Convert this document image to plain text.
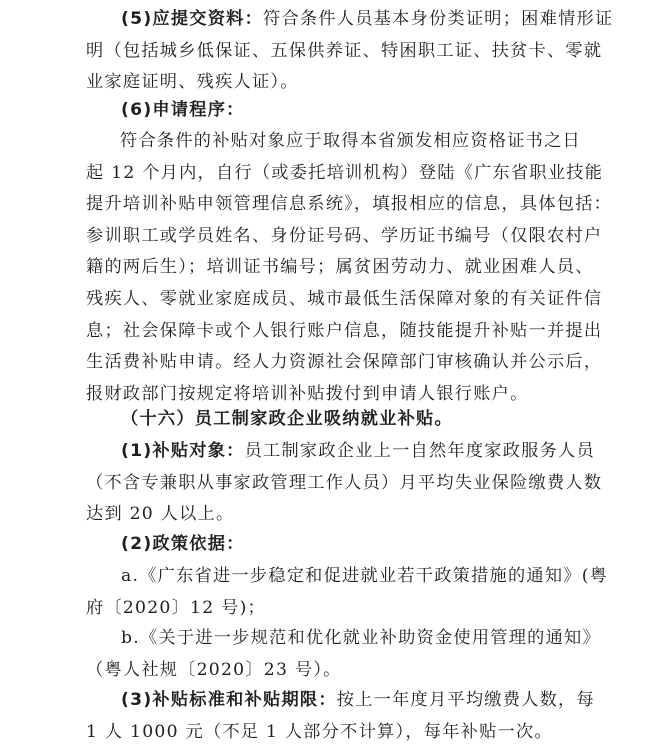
(5)应提交资料：符合条件人员基本身份类证明；困难情形证
明（包括城乡低保证、五保供养证、特困职工证、扶贫卡、零就
业家庭证明、残疾人证）。
(6)申请程序：
符合条件的补贴对象应于取得本省颁发相应资格证书之日
起 12 个月内，自行（或委托培训机构）登陆《广东省职业技能
提升培训补贴申领管理信息系统》，填报相应的信息，具体包括：
参训职工或学员姓名、身份证号码、学历证书编号（仅限农村户
籍的两后生）；培训证书编号；属贫困劳动力、就业困难人员、
残疾人、零就业家庭成员、城市最低生活保障对象的有关证件信
息；社会保障卡或个人银行账户信息，随技能提升补贴一并提出
生活费补贴申请。经人力资源社会保障部门审核确认并公示后，
报财政部门按规定将培训补贴拨付到申请人银行账户。
（十六）员工制家政企业吸纳就业补贴。
(1)补贴对象：员工制家政企业上一自然年度家政服务人员
（不含专兼职从事家政管理工作人员）月平均失业保险缴费人数
达到 20 人以上。
(2)政策依据：
a.《广东省进一步稳定和促进就业若干政策措施的通知》(粤
府〔2020〕12 号)；
b.《关于进一步规范和优化就业补助资金使用管理的通知》
（粤人社规〔2020〕23 号）。
(3)补贴标准和补贴期限：按上一年度月平均缴费人数，每
1 人 1000 元（不足 1 人部分不计算），每年补贴一次。
